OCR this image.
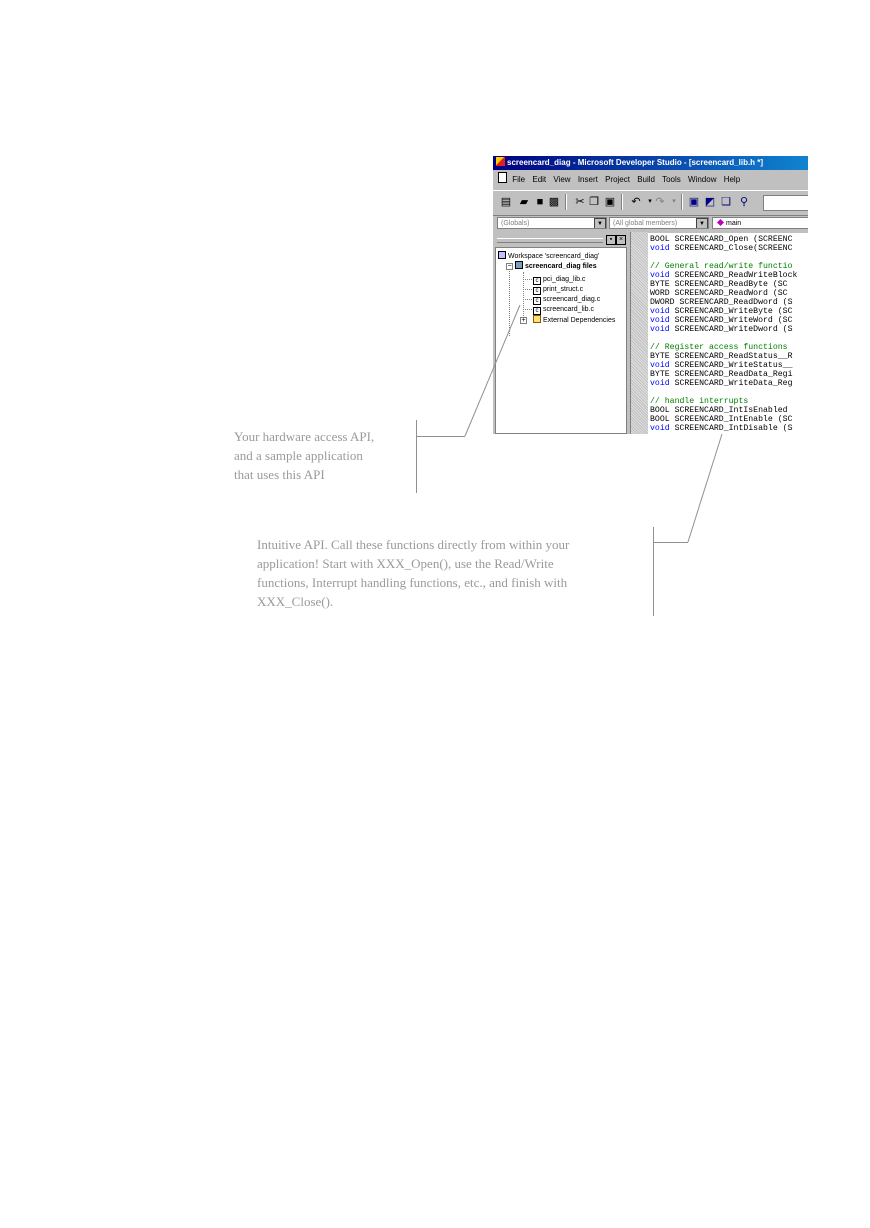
screencard_diag - Microsoft Developer Studio - [screencard_lib.h *]
File Edit View Insert Project Build Tools Window Help
▤ ▰ ■ ▩ ✂ ❐ ▣ ↶	▾ ↷	▾	▣ ◩ ❏ ⚲
(Globals)	▼	(All global members)	▼	main
▪ ×
Workspace 'screencard_diag'
−	screencard_diag files
c pci_diag_lib.c
c print_struct.c
c screencard_diag.c
c screencard_lib.c
+	External Dependencies
BOOL SCREENCARD_Open (SCREENC
void SCREENCARD_Close(SCREENC
// General read/write functio
void SCREENCARD_ReadWriteBlock
BYTE SCREENCARD_ReadByte (SC
WORD SCREENCARD_ReadWord (SC
DWORD SCREENCARD_ReadDword (S
void SCREENCARD_WriteByte (SC
void SCREENCARD_WriteWord (SC
void SCREENCARD_WriteDword (S
// Register access functions
BYTE SCREENCARD_ReadStatus__R
void SCREENCARD_WriteStatus__
BYTE SCREENCARD_ReadData_Regi
void SCREENCARD_WriteData_Reg
// handle interrupts
BOOL SCREENCARD_IntIsEnabled
BOOL SCREENCARD_IntEnable (SC
void SCREENCARD_IntDisable (S
Your hardware access API,
and a sample application
that uses this API
Intuitive API. Call these functions directly from within your
application! Start with XXX_Open(), use the Read/Write
functions, Interrupt handling functions, etc., and finish with
XXX_Close().
